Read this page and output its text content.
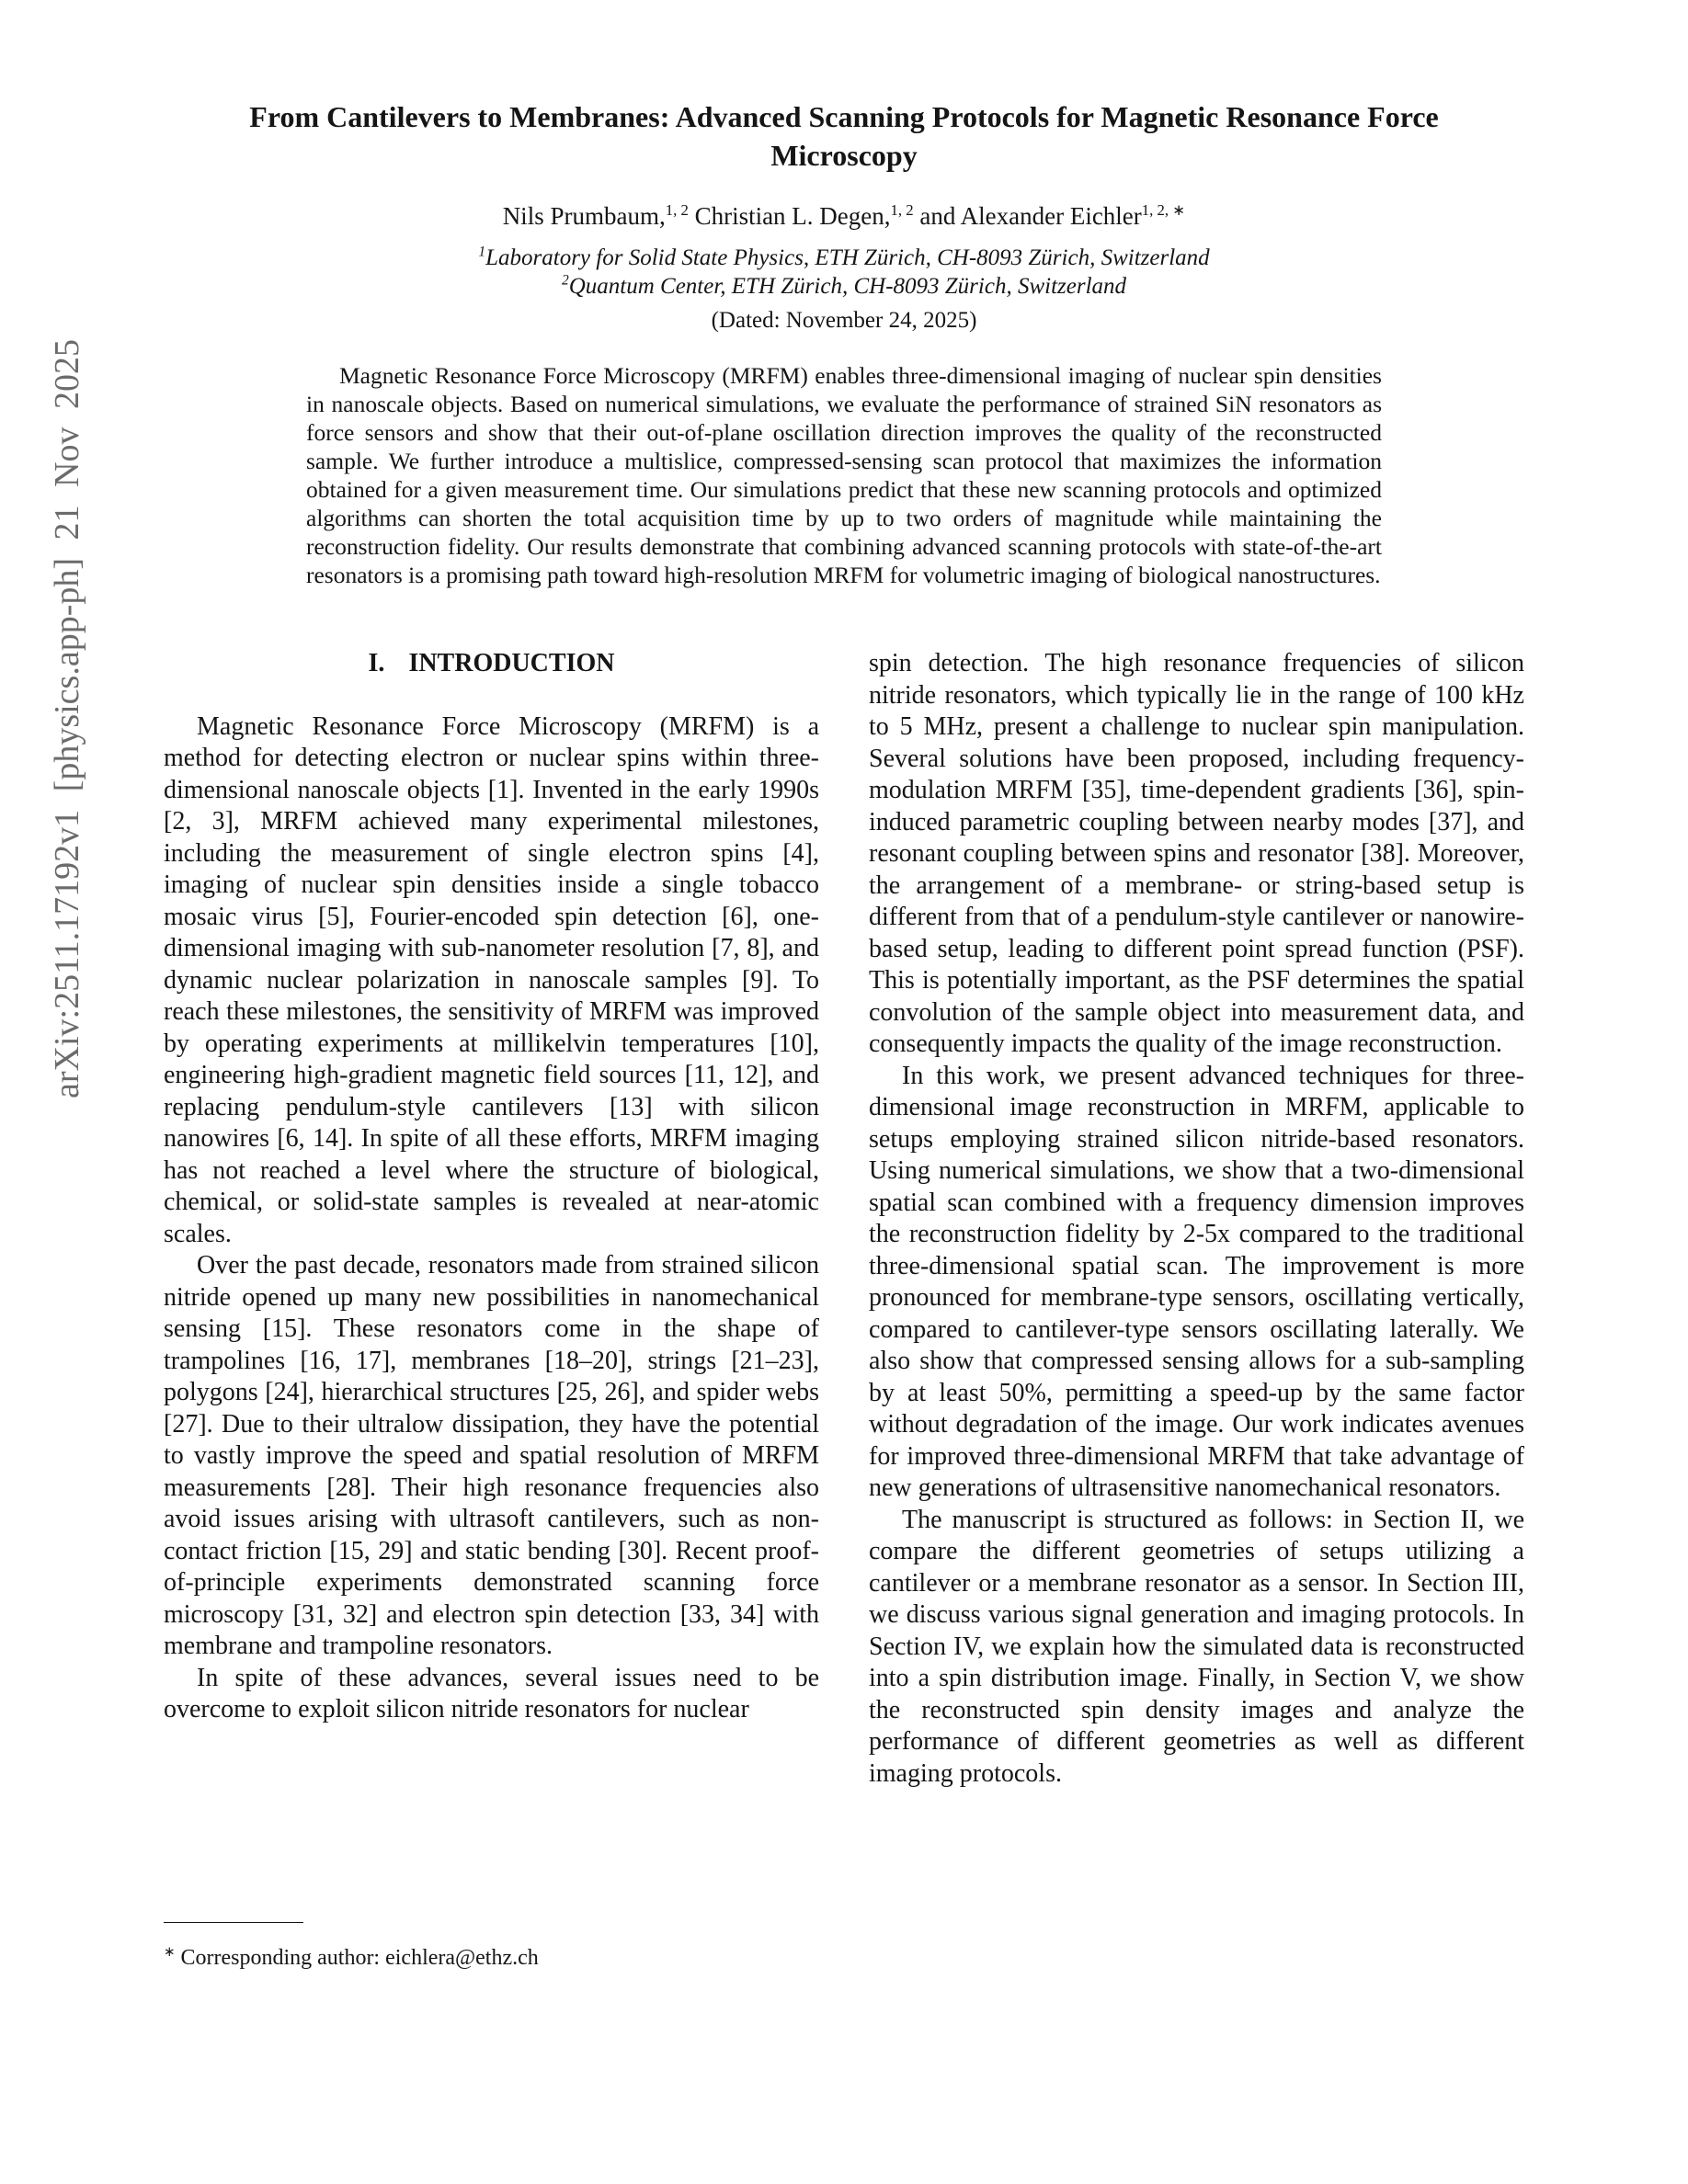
arXiv:2511.17192v1 [physics.app-ph] 21 Nov 2025
From Cantilevers to Membranes: Advanced Scanning Protocols for Magnetic Resonance Force Microscopy
Nils Prumbaum,$^{1, 2}$ Christian L. Degen,$^{1, 2}$ and Alexander Eichler$^{1, 2, ∗}$
$^1$Laboratory for Solid State Physics, ETH Zürich, CH-8093 Zürich, Switzerland
$^2$Quantum Center, ETH Zürich, CH-8093 Zürich, Switzerland
(Dated: November 24, 2025)

Magnetic Resonance Force Microscopy (MRFM) enables three-dimensional imaging of nuclear spin densities in nanoscale objects. Based on numerical simulations, we evaluate the performance of strained SiN resonators as force sensors and show that their out-of-plane oscillation direction improves the quality of the reconstructed sample. We further introduce a multislice, compressed-sensing scan protocol that maximizes the information obtained for a given measurement time. Our simulations predict that these new scanning protocols and optimized algorithms can shorten the total acquisition time by up to two orders of magnitude while maintaining the reconstruction fidelity. Our results demonstrate that combining advanced scanning protocols with state-of-the-art resonators is a promising path toward high-resolution MRFM for volumetric imaging of biological nanostructures.

I. INTRODUCTION

Magnetic Resonance Force Microscopy (MRFM) is a method for detecting electron or nuclear spins within three-dimensional nanoscale objects [1]. Invented in the early 1990s [2, 3], MRFM achieved many experimental milestones, including the measurement of single electron spins [4], imaging of nuclear spin densities inside a single tobacco mosaic virus [5], Fourier-encoded spin detection [6], one-dimensional imaging with sub-nanometer resolution [7, 8], and dynamic nuclear polarization in nanoscale samples [9]. To reach these milestones, the sensitivity of MRFM was improved by operating experiments at millikelvin temperatures [10], engineering high-gradient magnetic field sources [11, 12], and replacing pendulum-style cantilevers [13] with silicon nanowires [6, 14]. In spite of all these efforts, MRFM imaging has not reached a level where the structure of biological, chemical, or solid-state samples is revealed at near-atomic scales.

Over the past decade, resonators made from strained silicon nitride opened up many new possibilities in nanomechanical sensing [15]. These resonators come in the shape of trampolines [16, 17], membranes [18–20], strings [21–23], polygons [24], hierarchical structures [25, 26], and spider webs [27]. Due to their ultralow dissipation, they have the potential to vastly improve the speed and spatial resolution of MRFM measurements [28]. Their high resonance frequencies also avoid issues arising with ultrasoft cantilevers, such as non-contact friction [15, 29] and static bending [30]. Recent proof-of-principle experiments demonstrated scanning force microscopy [31, 32] and electron spin detection [33, 34] with membrane and trampoline resonators.

In spite of these advances, several issues need to be overcome to exploit silicon nitride resonators for nuclear

∗ Corresponding author: eichlera@ethz.ch

spin detection. The high resonance frequencies of silicon nitride resonators, which typically lie in the range of 100 kHz to 5 MHz, present a challenge to nuclear spin manipulation. Several solutions have been proposed, including frequency-modulation MRFM [35], time-dependent gradients [36], spin-induced parametric coupling between nearby modes [37], and resonant coupling between spins and resonator [38]. Moreover, the arrangement of a membrane- or string-based setup is different from that of a pendulum-style cantilever or nanowire-based setup, leading to different point spread function (PSF). This is potentially important, as the PSF determines the spatial convolution of the sample object into measurement data, and consequently impacts the quality of the image reconstruction.

In this work, we present advanced techniques for three-dimensional image reconstruction in MRFM, applicable to setups employing strained silicon nitride-based resonators. Using numerical simulations, we show that a two-dimensional spatial scan combined with a frequency dimension improves the reconstruction fidelity by 2-5x compared to the traditional three-dimensional spatial scan. The improvement is more pronounced for membrane-type sensors, oscillating vertically, compared to cantilever-type sensors oscillating laterally. We also show that compressed sensing allows for a sub-sampling by at least 50%, permitting a speed-up by the same factor without degradation of the image. Our work indicates avenues for improved three-dimensional MRFM that take advantage of new generations of ultrasensitive nanomechanical resonators.

The manuscript is structured as follows: in Section II, we compare the different geometries of setups utilizing a cantilever or a membrane resonator as a sensor. In Section III, we discuss various signal generation and imaging protocols. In Section IV, we explain how the simulated data is reconstructed into a spin distribution image. Finally, in Section V, we show the reconstructed spin density images and analyze the performance of different geometries as well as different imaging protocols.
